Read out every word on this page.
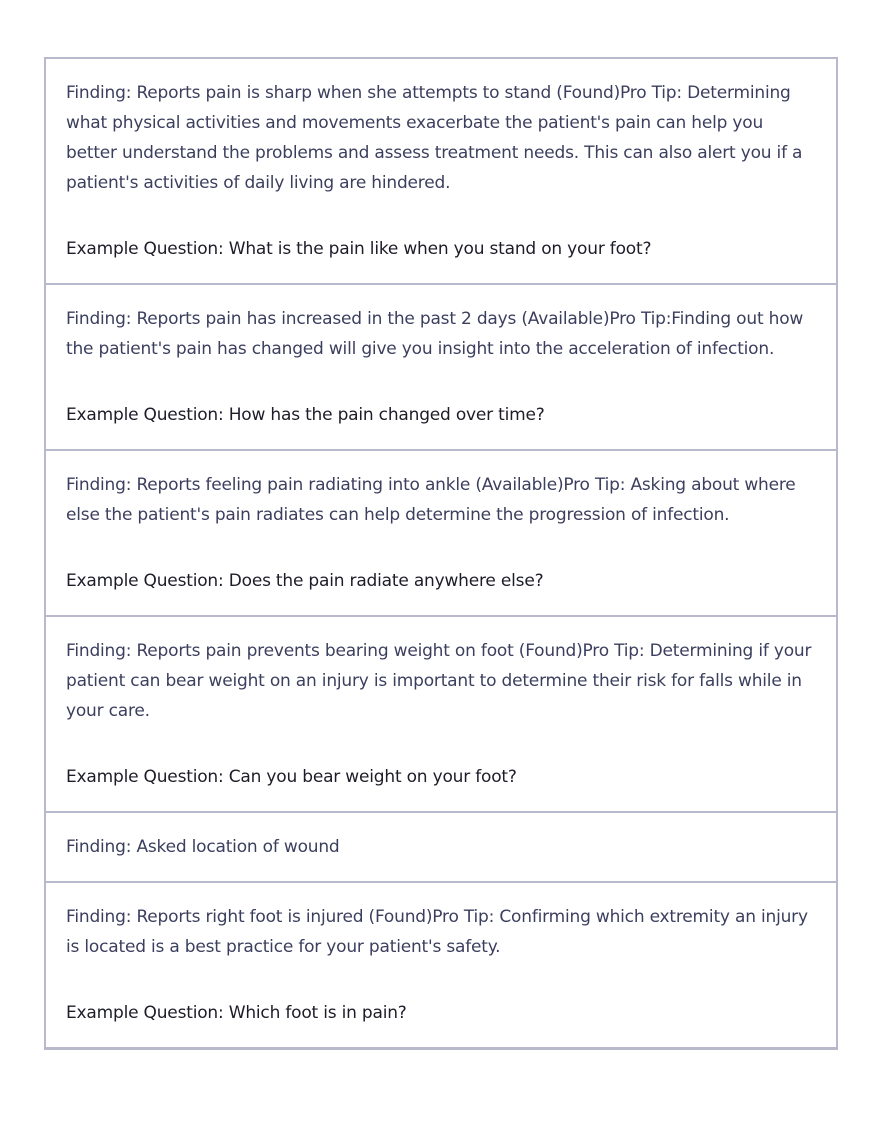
Finding: Reports pain is sharp when she attempts to stand (Found)Pro Tip: Determining what physical activities and movements exacerbate the patient's pain can help you better understand the problems and assess treatment needs. This can also alert you if a patient's activities of daily living are hindered.
Example Question: What is the pain like when you stand on your foot?
Finding: Reports pain has increased in the past 2 days (Available)Pro Tip:Finding out how the patient's pain has changed will give you insight into the acceleration of infection.
Example Question: How has the pain changed over time?
Finding: Reports feeling pain radiating into ankle (Available)Pro Tip: Asking about where else the patient's pain radiates can help determine the progression of infection.
Example Question: Does the pain radiate anywhere else?
Finding: Reports pain prevents bearing weight on foot (Found)Pro Tip: Determining if your patient can bear weight on an injury is important to determine their risk for falls while in your care.
Example Question: Can you bear weight on your foot?
Finding: Asked location of wound
Finding: Reports right foot is injured (Found)Pro Tip: Confirming which extremity an injury is located is a best practice for your patient's safety.
Example Question: Which foot is in pain?
